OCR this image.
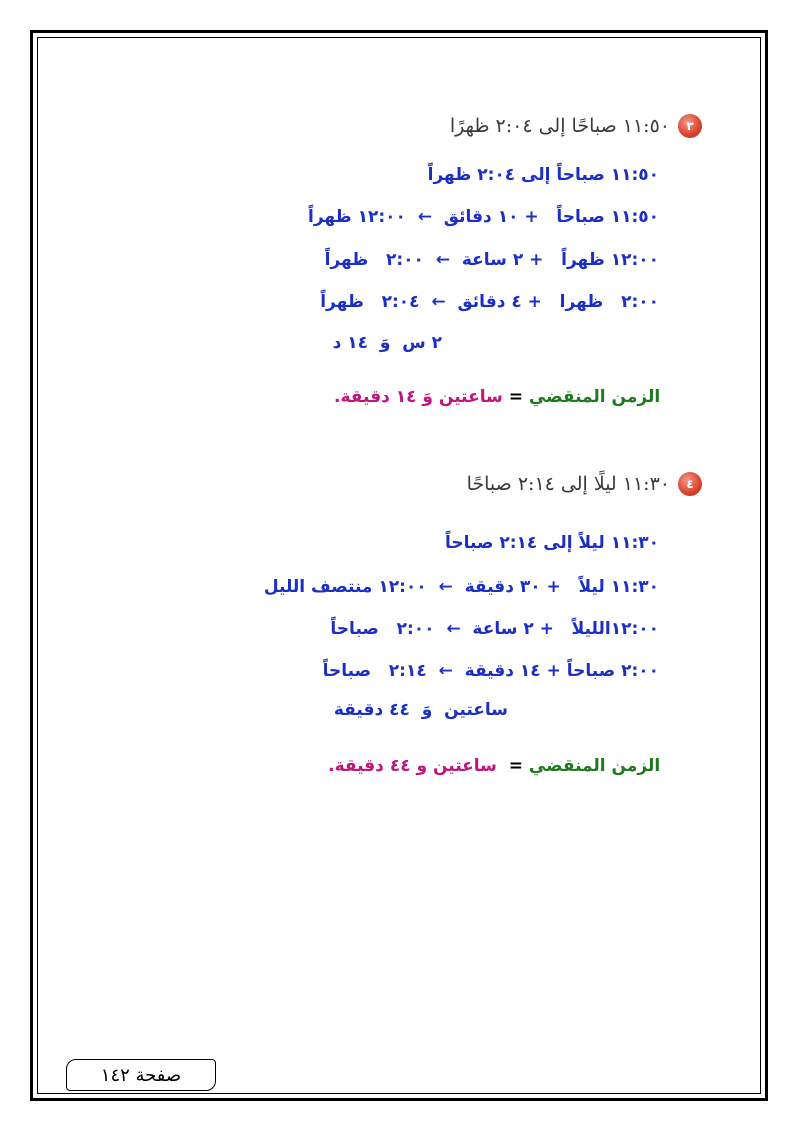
٣
١١:٥٠ صباحًا إلى ٢:٠٤ ظهرًا
١١:٥٠ صباحاً إلى ٢:٠٤ ظهراً
١١:٥٠ صباحاً   + ١٠ دقائق  ←  ١٢:٠٠ ظهراً
١٢:٠٠ ظهراً   + ٢ ساعة  ←  ٢:٠٠   ظهراً
٢:٠٠   ظهرا   + ٤ دقائق  ←  ٢:٠٤   ظهراً
٢ س  وَ  ١٤ د

الزمن المنقضي = ساعتين وَ ١٤ دقيقة.

٤
١١:٣٠ ليلًا إلى ٢:١٤ صباحًا
١١:٣٠ ليلاً إلى ٢:١٤ صباحاً
١١:٣٠ ليلاً   + ٣٠ دقيقة  ←  ١٢:٠٠ منتصف الليل
١٢:٠٠الليلاً   + ٢ ساعة  ←  ٢:٠٠   صباحاً
٢:٠٠ صباحاً + ١٤ دقيقة  ←  ٢:١٤   صباحاً
ساعتين  وَ  ٤٤ دقيقة

الزمن المنقضي =  ساعتين و ٤٤ دقيقة.

صفحة ١٤٢
